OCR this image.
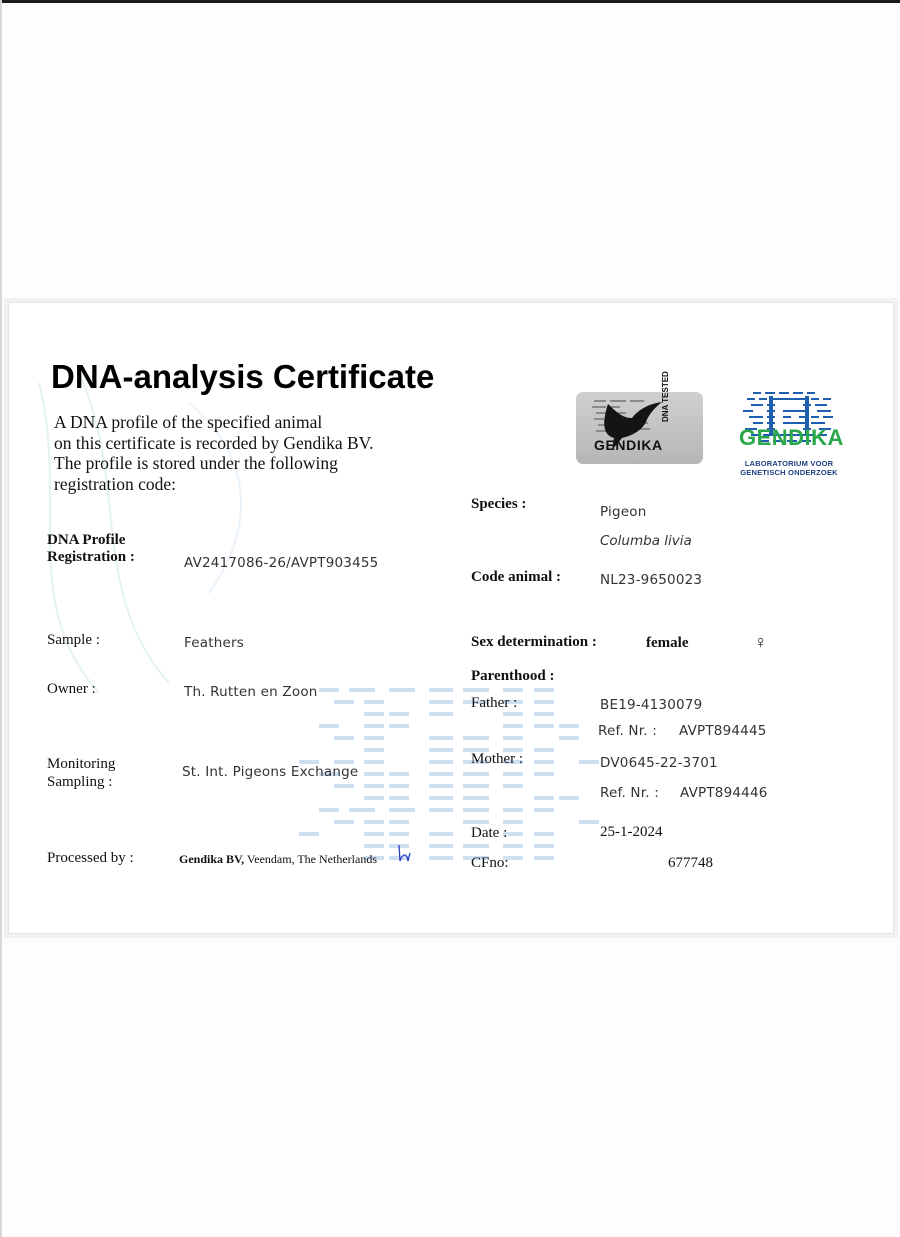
DNA-analysis Certificate
A DNA profile of the specified animal
on this certificate is recorded by Gendika BV.
The profile is stored under the following
registration code:
GENDIKA
DNA TESTED
GENDIKA
LABORATORIUM VOOR
GENETISCH ONDERZOEK
DNA Profile
Registration :	AV2417086-26/AVPT903455
Sample :	Feathers
Owner :	Th. Rutten en Zoon
Monitoring
Sampling :
St. Int. Pigeons Exchange
Processed by :	Gendika BV, Veendam, The Netherlands
Species :	Pigeon
Columba livia
Code animal :	NL23-9650023
Sex determination :	female	♀
Parenthood :
Father :	BE19-4130079
Ref. Nr. : AVPT894445
Mother :	DV0645-22-3701
Ref. Nr. : AVPT894446
Date :	25-1-2024
CFno:	677748
